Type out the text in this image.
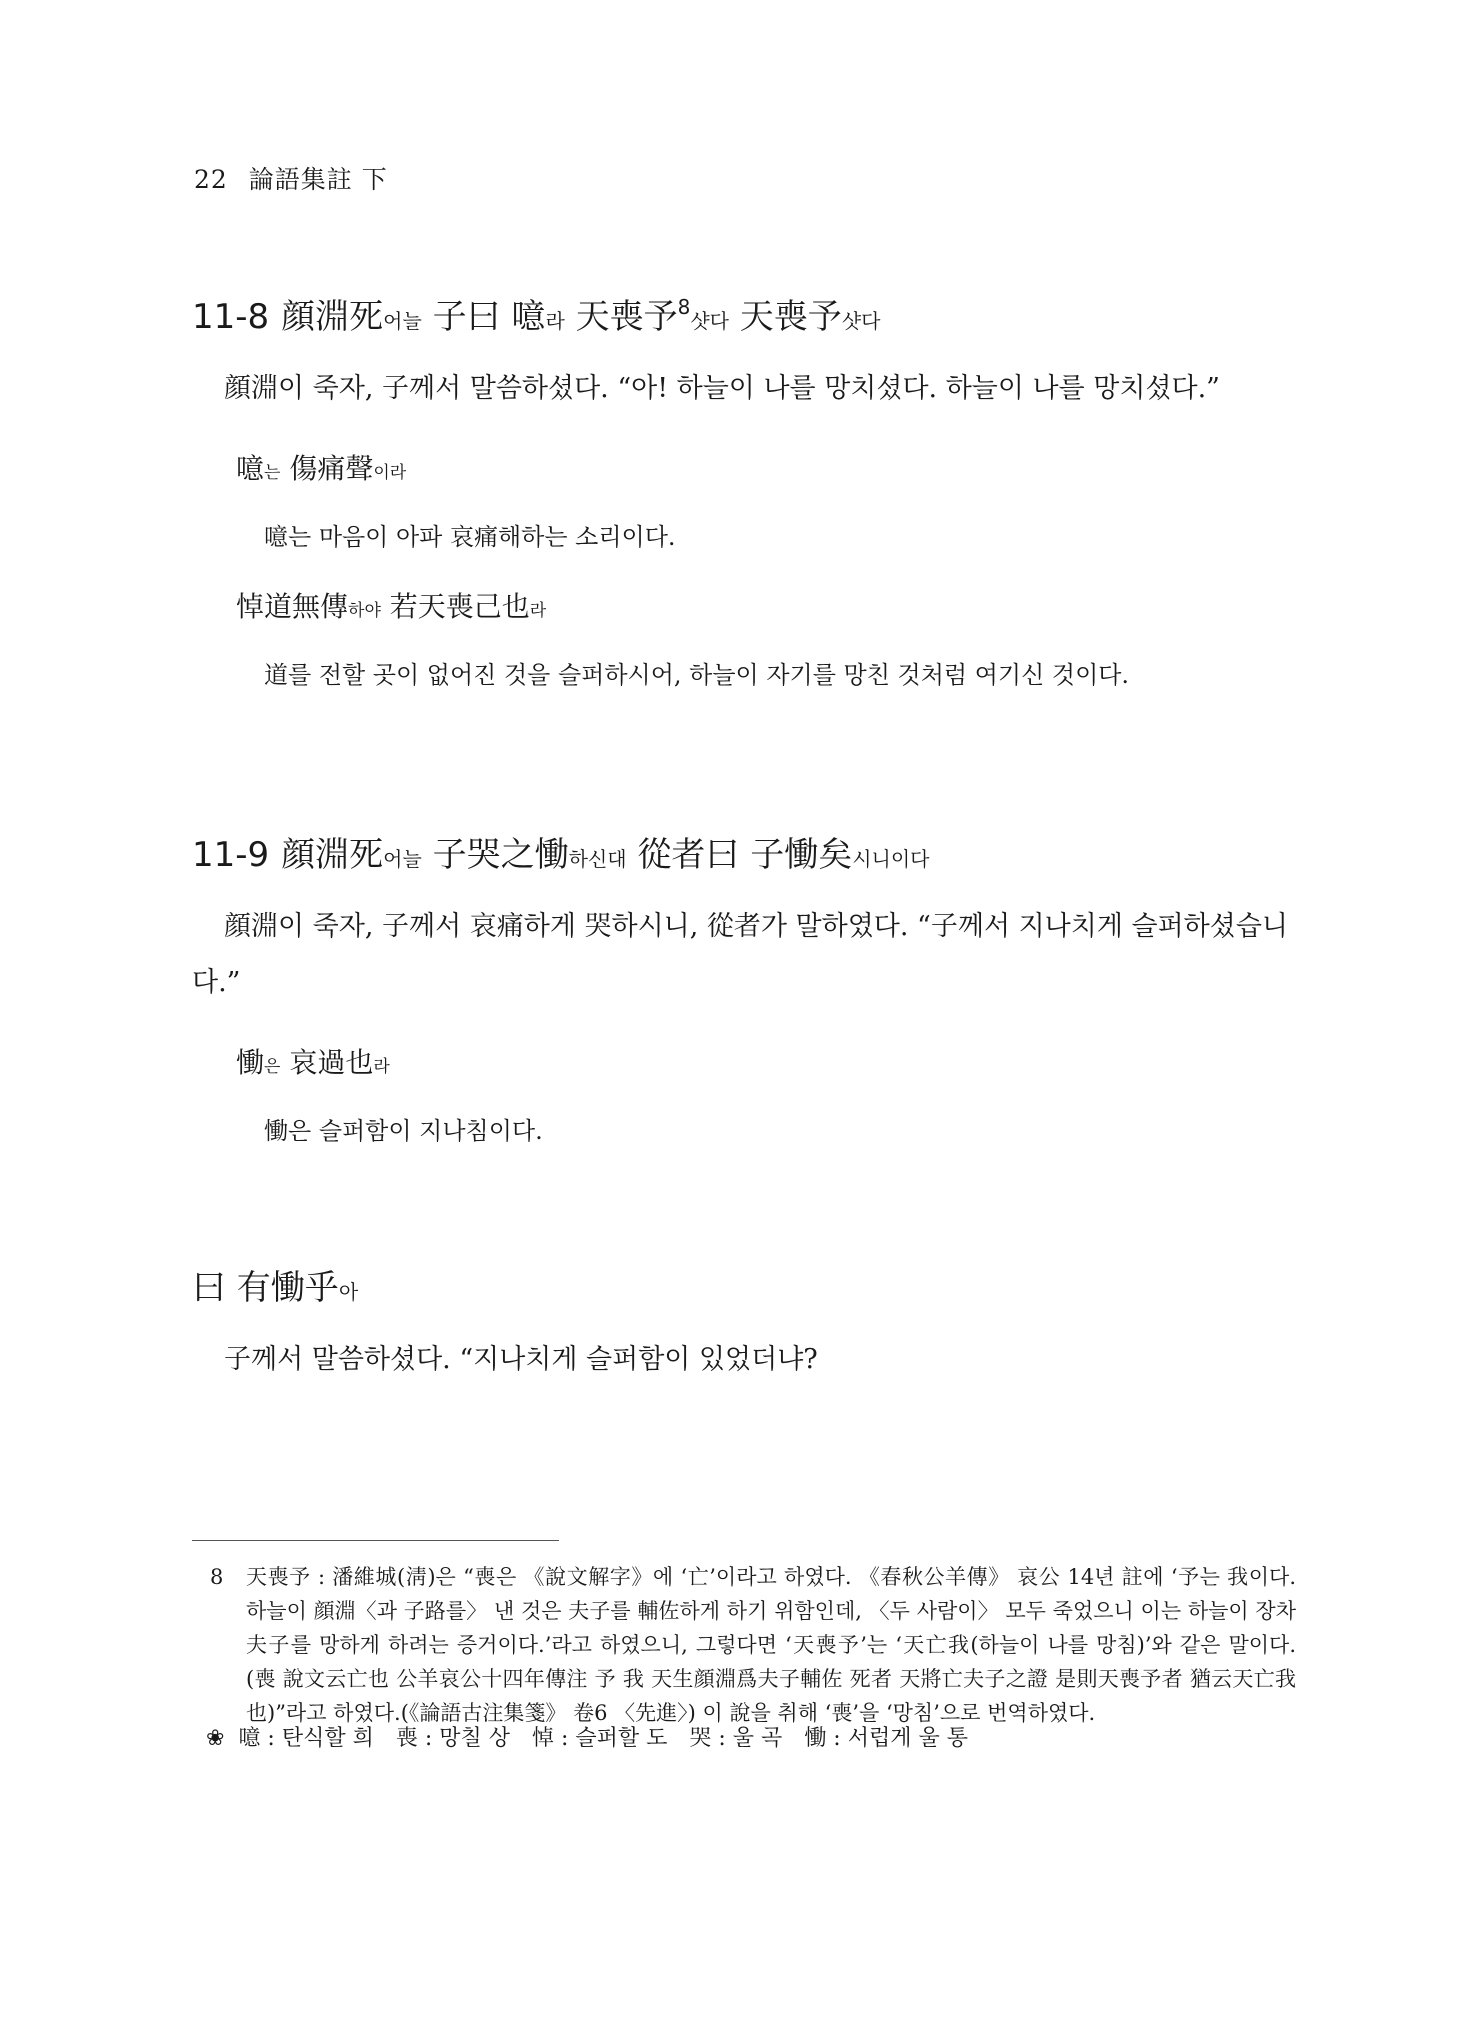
22 論語集註 下
11-8 顔淵死어늘 子曰 噫라 天喪予$^8$샷다 天喪予샷다
顔淵이 죽자, 子께서 말씀하셨다. “아! 하늘이 나를 망치셨다. 하늘이 나를 망치셨다.”
噫는 傷痛聲이라
噫는 마음이 아파 哀痛해하는 소리이다.
悼道無傳하야 若天喪己也라
道를 전할 곳이 없어진 것을 슬퍼하시어, 하늘이 자기를 망친 것처럼 여기신 것이다.
11-9 顔淵死어늘 子哭之慟하신대 從者曰 子慟矣시니이다
顔淵이 죽자, 子께서 哀痛하게 哭하시니, 從者가 말하였다. “子께서 지나치게 슬퍼하셨습니다.”
慟은 哀過也라
慟은 슬퍼함이 지나침이다.
曰 有慟乎아
子께서 말씀하셨다. “지나치게 슬퍼함이 있었더냐?
8 天喪予 : 潘維城(淸)은 “喪은 《說文解字》에 ‘亡’이라고 하였다. 《春秋公羊傳》 哀公 14년 註에 ‘予는 我이다. 하늘이 顔淵〈과 子路를〉 낸 것은 夫子를 輔佐하게 하기 위함인데, 〈두 사람이〉 모두 죽었으니 이는 하늘이 장차 夫子를 망하게 하려는 증거이다.’라고 하였으니, 그렇다면 ‘天喪予’는 ‘天亡我(하늘이 나를 망침)’와 같은 말이다.(喪 說文云亡也 公羊哀公十四年傳注 予 我 天生顔淵爲夫子輔佐 死者 天將亡夫子之證 是則天喪予者 猶云天亡我也)”라고 하였다.(《論語古注集箋》 卷6 〈先進〉) 이 說을 취해 ‘喪’을 ‘망침’으로 번역하였다.
❀ 噫 : 탄식할 희 喪 : 망칠 상 悼 : 슬퍼할 도 哭 : 울 곡 慟 : 서럽게 울 통
